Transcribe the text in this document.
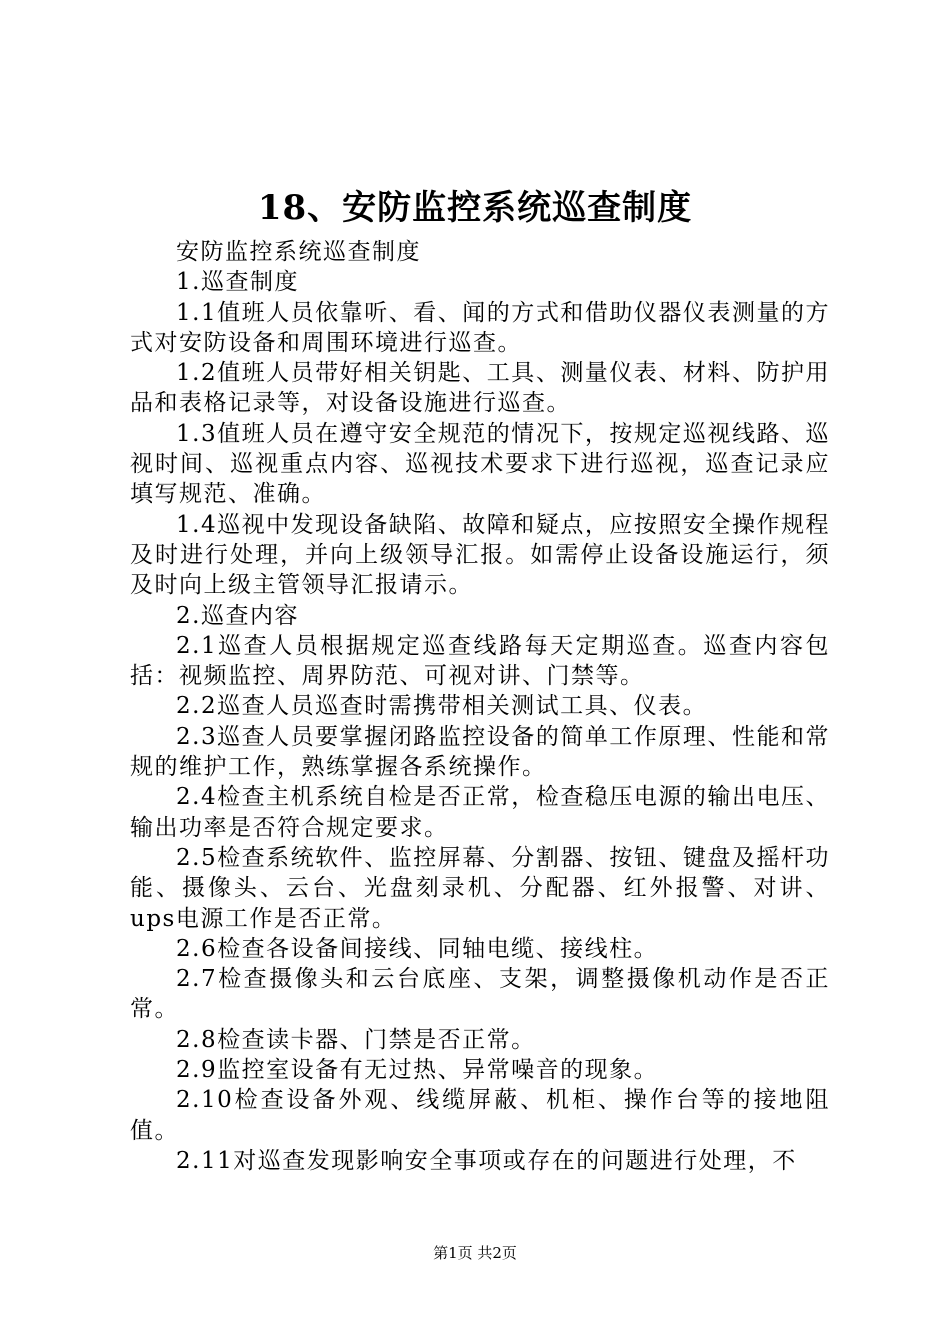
18、安防监控系统巡查制度

安防监控系统巡查制度

1.巡查制度

1.1值班人员依靠听、看、闻的方式和借助仪器仪表测量的方式对安防设备和周围环境进行巡查。

1.2值班人员带好相关钥匙、工具、测量仪表、材料、防护用品和表格记录等，对设备设施进行巡查。

1.3值班人员在遵守安全规范的情况下，按规定巡视线路、巡视时间、巡视重点内容、巡视技术要求下进行巡视，巡查记录应填写规范、准确。

1.4巡视中发现设备缺陷、故障和疑点，应按照安全操作规程及时进行处理，并向上级领导汇报。如需停止设备设施运行，须及时向上级主管领导汇报请示。

2.巡查内容

2.1巡查人员根据规定巡查线路每天定期巡查。巡查内容包括：视频监控、周界防范、可视对讲、门禁等。

2.2巡查人员巡查时需携带相关测试工具、仪表。

2.3巡查人员要掌握闭路监控设备的简单工作原理、性能和常规的维护工作，熟练掌握各系统操作。

2.4检查主机系统自检是否正常，检查稳压电源的输出电压、输出功率是否符合规定要求。

2.5检查系统软件、监控屏幕、分割器、按钮、键盘及摇杆功能、摄像头、云台、光盘刻录机、分配器、红外报警、对讲、ups电源工作是否正常。

2.6检查各设备间接线、同轴电缆、接线柱。

2.7检查摄像头和云台底座、支架，调整摄像机动作是否正常。

2.8检查读卡器、门禁是否正常。

2.9监控室设备有无过热、异常噪音的现象。

2.10检查设备外观、线缆屏蔽、机柜、操作台等的接地阻值。

2.11对巡查发现影响安全事项或存在的问题进行处理，不

第1页 共2页
